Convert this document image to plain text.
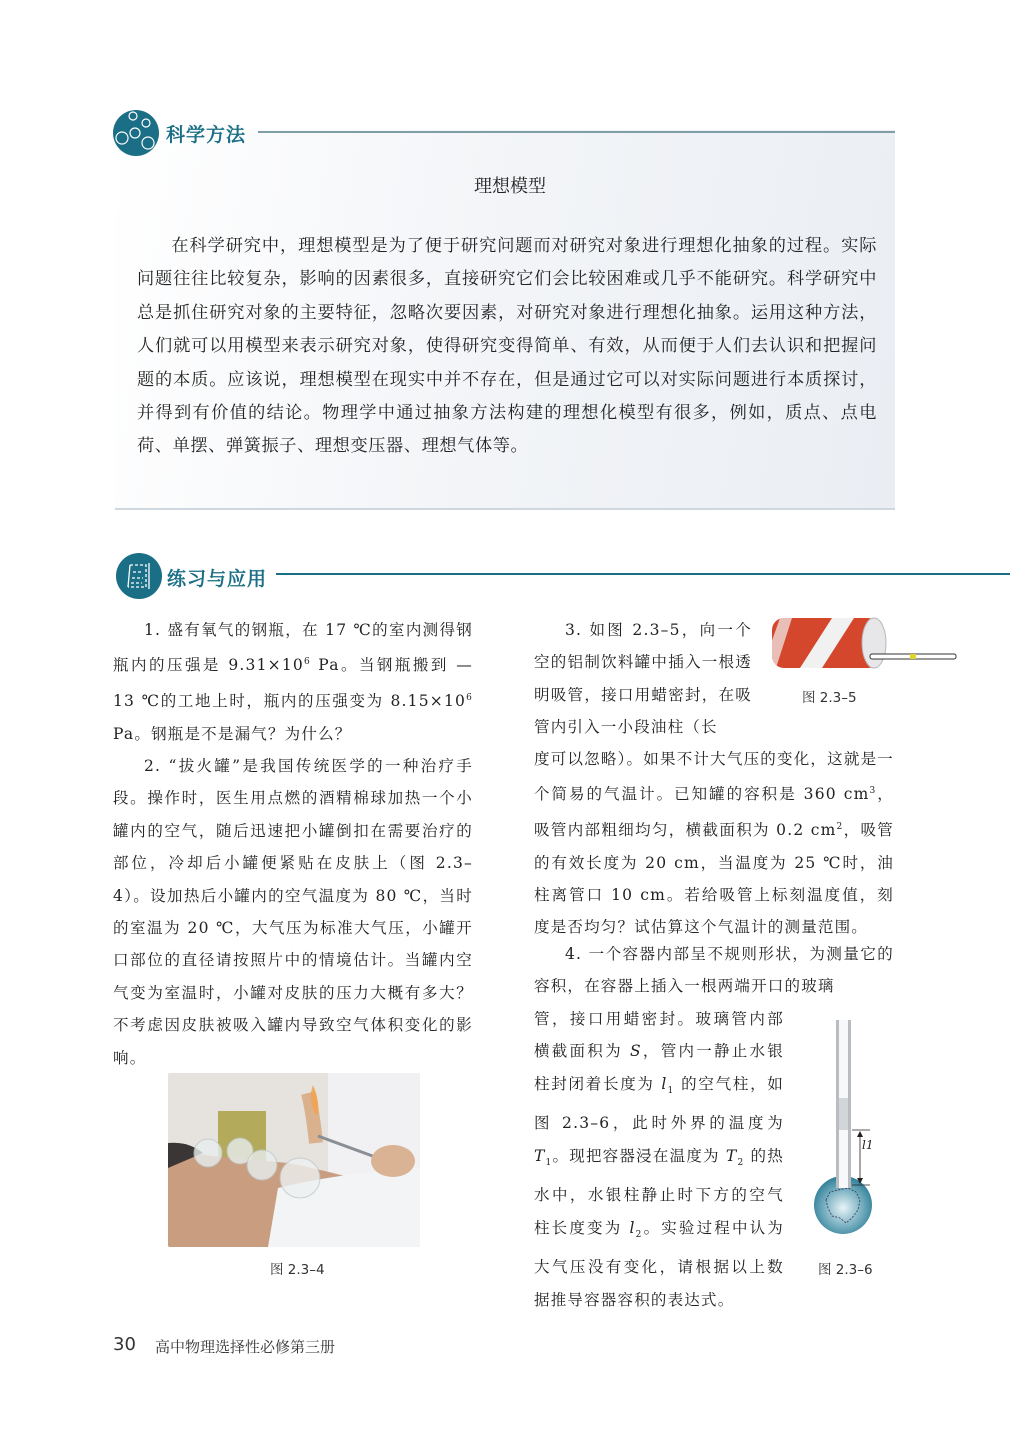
科学方法
理想模型
在科学研究中，理想模型是为了便于研究问题而对研究对象进行理想化抽象的过程。实际问题往往比较复杂，影响的因素很多，直接研究它们会比较困难或几乎不能研究。科学研究中总是抓住研究对象的主要特征，忽略次要因素，对研究对象进行理想化抽象。运用这种方法，人们就可以用模型来表示研究对象，使得研究变得简单、有效，从而便于人们去认识和把握问题的本质。应该说，理想模型在现实中并不存在，但是通过它可以对实际问题进行本质探讨，并得到有价值的结论。物理学中通过抽象方法构建的理想化模型有很多，例如，质点、点电荷、单摆、弹簧振子、理想变压器、理想气体等。
练习与应用

1. 盛有氧气的钢瓶，在 17 ℃的室内测得钢瓶内的压强是 $9.31\times 10^6$ Pa。当钢瓶搬到 — 13 ℃的工地上时，瓶内的压强变为 $8.15\times 10^6$ Pa。钢瓶是不是漏气？为什么？

2. “拔火罐”是我国传统医学的一种治疗手段。操作时，医生用点燃的酒精棉球加热一个小罐内的空气，随后迅速把小罐倒扣在需要治疗的部位，冷却后小罐便紧贴在皮肤上（图 2.3–4）。设加热后小罐内的空气温度为 80 ℃，当时的室温为 20 ℃，大气压为标准大气压，小罐开口部位的直径请按照片中的情境估计。当罐内空气变为室温时，小罐对皮肤的压力大概有多大？不考虑因皮肤被吸入罐内导致空气体积变化的影响。

图 2.3–4

3. 如图 2.3–5，向一个空的铝制饮料罐中插入一根透明吸管，接口用蜡密封，在吸管内引入一小段油柱（长

度可以忽略）。如果不计大气压的变化，这就是一个简易的气温计。已知罐的容积是 360 $cm^3$，吸管内部粗细均匀，横截面积为 0.2 $cm^2$，吸管的有效长度为 20 cm，当温度为 25 ℃时，油柱离管口 10 cm。若给吸管上标刻温度值，刻度是否均匀？试估算这个气温计的测量范围。

图 2.3–5

4. 一个容器内部呈不规则形状，为测量它的容积，在容器上插入一根两端开口的玻璃

管，接口用蜡密封。玻璃管内部横截面积为 S，管内一静止水银柱封闭着长度为 $l_1$ 的空气柱，如图 2.3–6，此时外界的温度为 $T_1$。现把容器浸在温度为 $T_2$ 的热水中，水银柱静止时下方的空气柱长度变为 $l_2$。实验过程中认为大气压没有变化，请根据以上数据推导容器容积的表达式。

l1
图 2.3–6
30 高中物理选择性必修第三册
